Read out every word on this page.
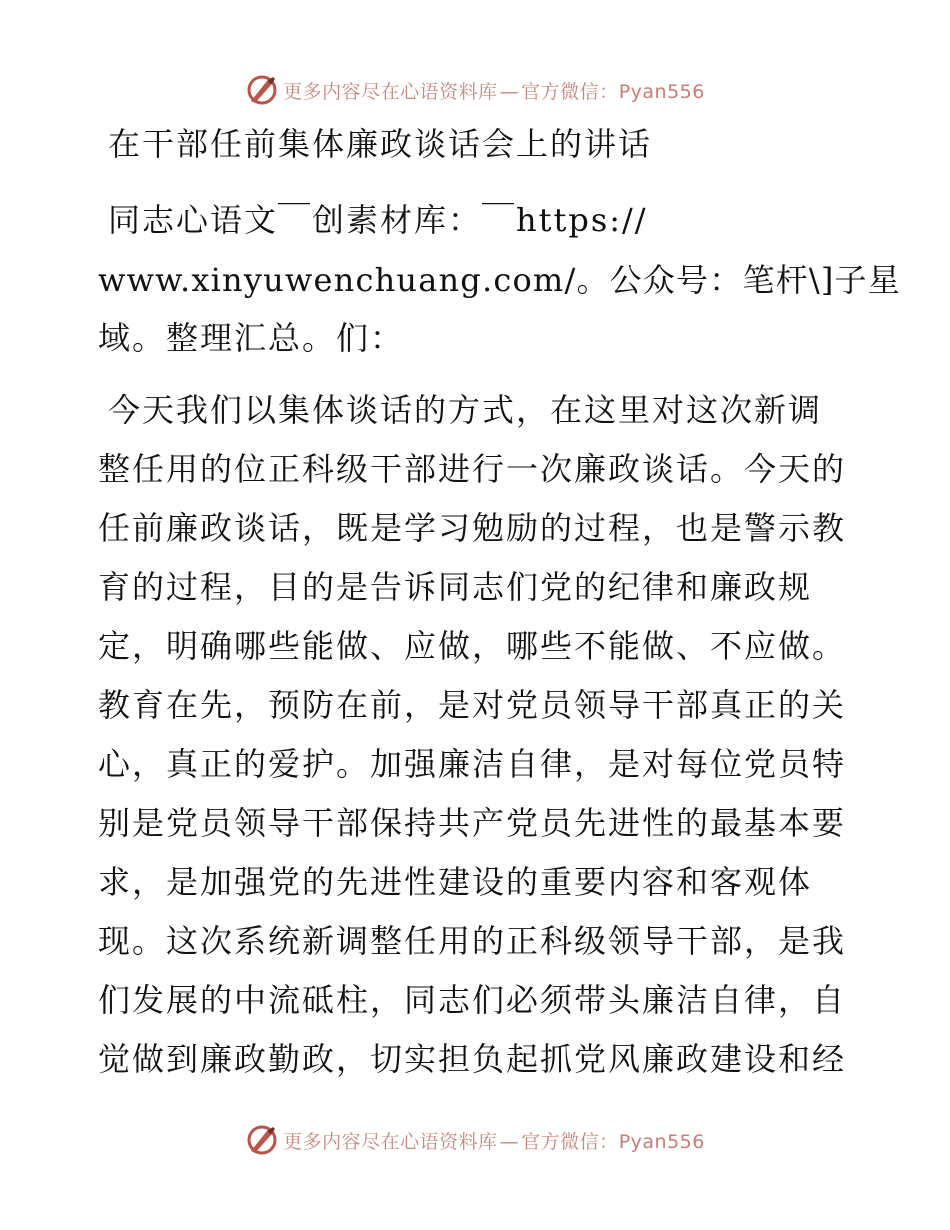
更多内容尽在心语资料库 — 官方微信：Pyan556
在干部任前集体廉政谈话会上的讲话
同志心语文￣创素材库：￣https://
www.xinyuwenchuang.com/。公众号：笔杆\]子星
域。整理汇总。们：
今天我们以集体谈话的方式，在这里对这次新调
整任用的位正科级干部进行一次廉政谈话。今天的
任前廉政谈话，既是学习勉励的过程，也是警示教
育的过程，目的是告诉同志们党的纪律和廉政规
定，明确哪些能做、应做，哪些不能做、不应做。
教育在先，预防在前，是对党员领导干部真正的关
心，真正的爱护。加强廉洁自律，是对每位党员特
别是党员领导干部保持共产党员先进性的最基本要
求，是加强党的先进性建设的重要内容和客观体
现。这次系统新调整任用的正科级领导干部，是我
们发展的中流砥柱，同志们必须带头廉洁自律，自
觉做到廉政勤政，切实担负起抓党风廉政建设和经
更多内容尽在心语资料库 — 官方微信：Pyan556
